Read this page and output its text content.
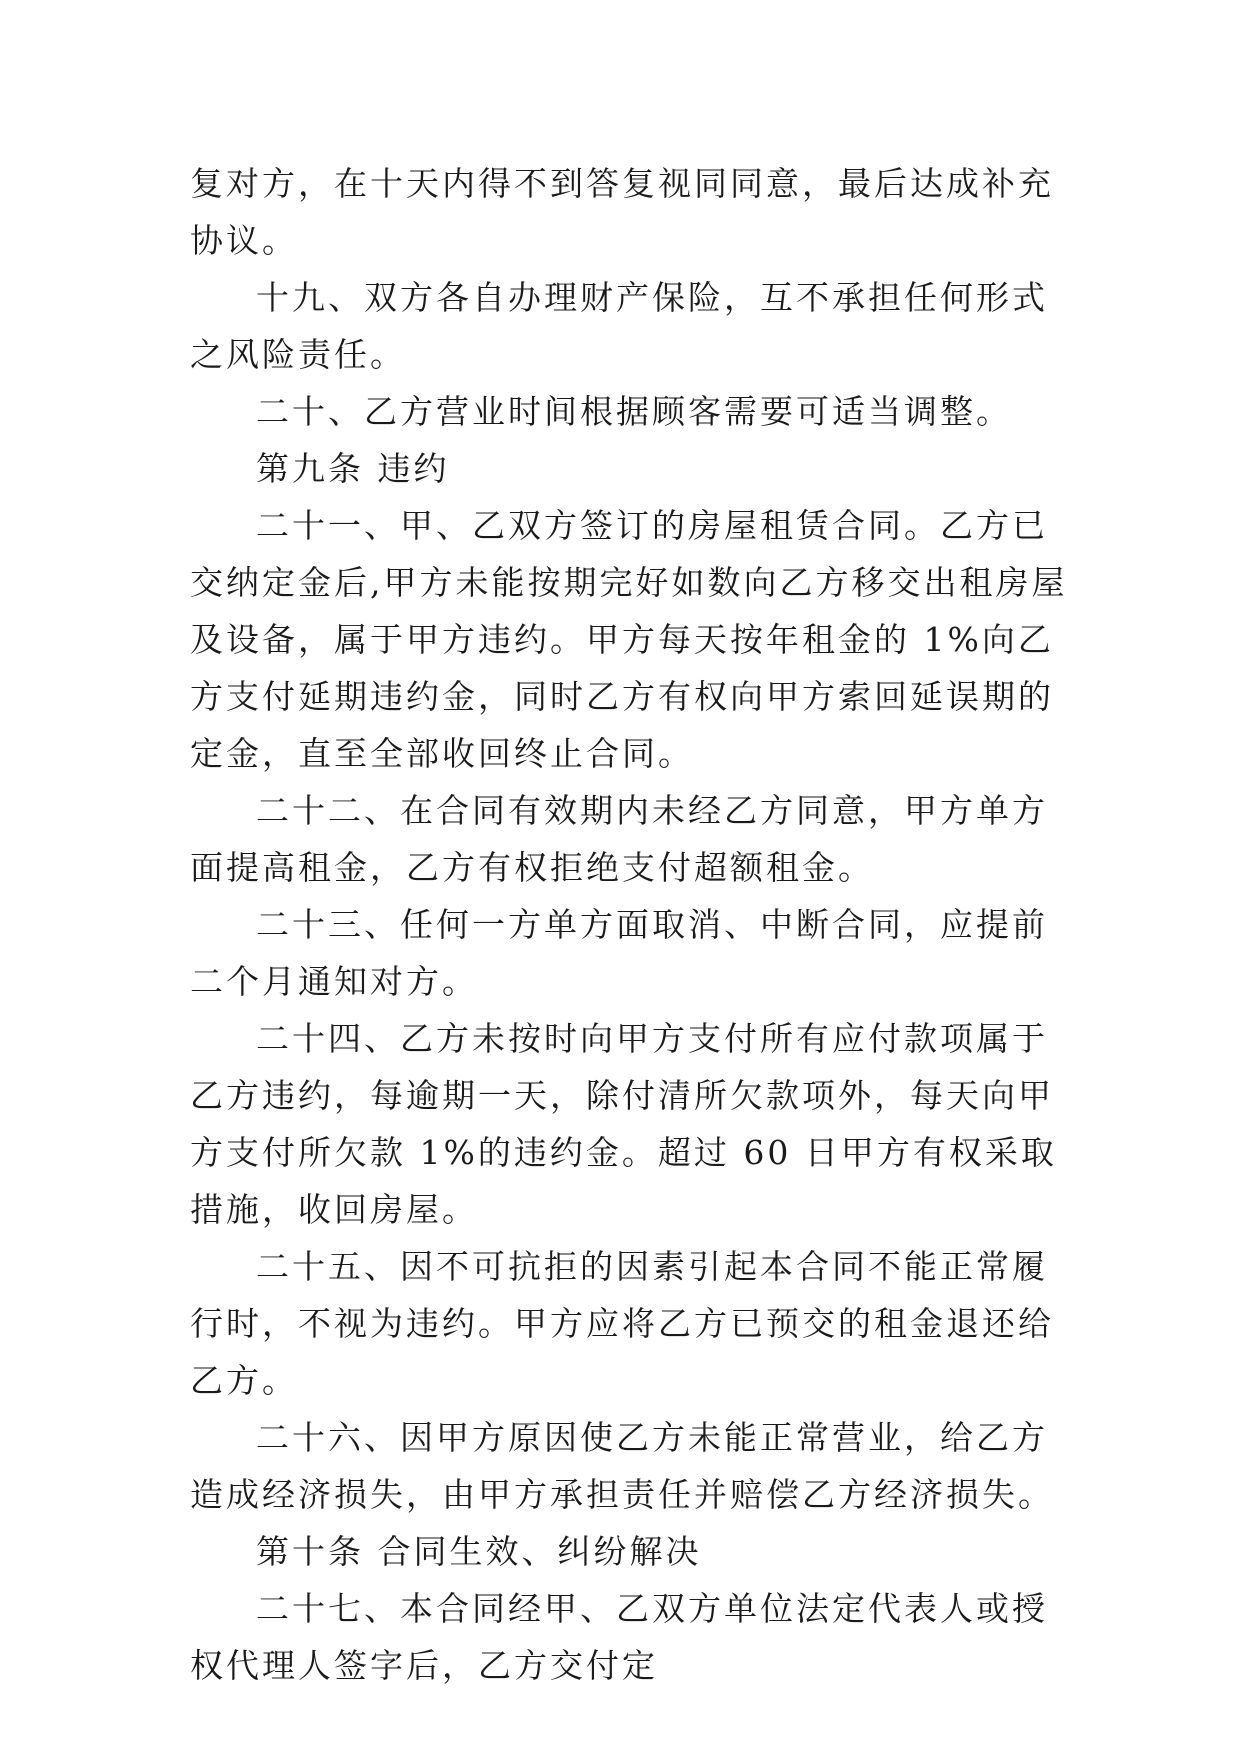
复对方，在十天内得不到答复视同同意，最后达成补充协议。

十九、双方各自办理财产保险，互不承担任何形式之风险责任。

二十、乙方营业时间根据顾客需要可适当调整。

第九条 违约

二十一、甲、乙双方签订的房屋租赁合同。乙方已交纳定金后,甲方未能按期完好如数向乙方移交出租房屋及设备，属于甲方违约。甲方每天按年租金的 1%向乙方支付延期违约金，同时乙方有权向甲方索回延误期的定金，直至全部收回终止合同。

二十二、在合同有效期内未经乙方同意，甲方单方面提高租金，乙方有权拒绝支付超额租金。

二十三、任何一方单方面取消、中断合同，应提前二个月通知对方。

二十四、乙方未按时向甲方支付所有应付款项属于乙方违约，每逾期一天，除付清所欠款项外，每天向甲方支付所欠款 1%的违约金。超过 60 日甲方有权采取措施，收回房屋。

二十五、因不可抗拒的因素引起本合同不能正常履行时，不视为违约。甲方应将乙方已预交的租金退还给乙方。

二十六、因甲方原因使乙方未能正常营业，给乙方造成经济损失，由甲方承担责任并赔偿乙方经济损失。

第十条 合同生效、纠纷解决

二十七、本合同经甲、乙双方单位法定代表人或授权代理人签字后，乙方交付定
